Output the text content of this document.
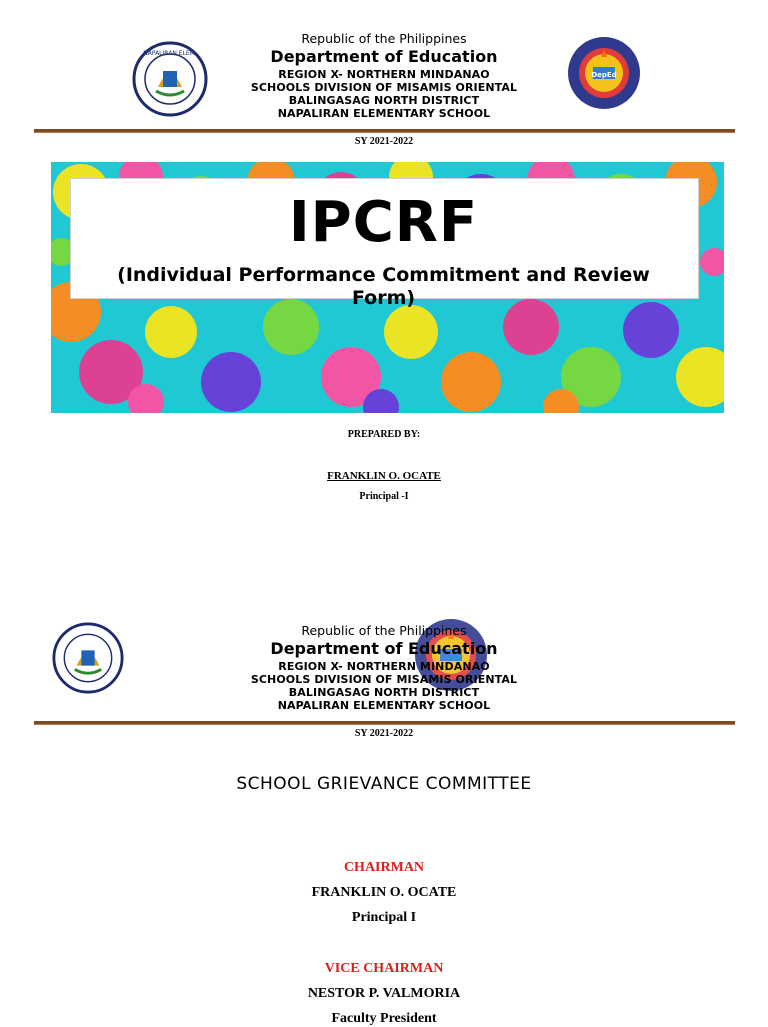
NAPALIRAN ELEM.
DepEd
Republic of the Philippines
Department of Education
REGION X- NORTHERN MINDANAO
SCHOOLS DIVISION OF MISAMIS ORIENTAL
BALINGASAG NORTH DISTRICT
NAPALIRAN ELEMENTARY SCHOOL
SY 2021-2022
IPCRF
(Individual Performance Commitment and Review
Form)
PREPARED BY:
FRANKLIN O. OCATE
Principal -I
Republic of the Philippines
Department of Education
REGION X- NORTHERN MINDANAO
SCHOOLS DIVISION OF MISAMIS ORIENTAL
BALINGASAG NORTH DISTRICT
NAPALIRAN ELEMENTARY SCHOOL
SY 2021-2022
SCHOOL GRIEVANCE COMMITTEE
CHAIRMAN
FRANKLIN O. OCATE
Principal I
VICE CHAIRMAN
NESTOR P. VALMORIA
Faculty President
